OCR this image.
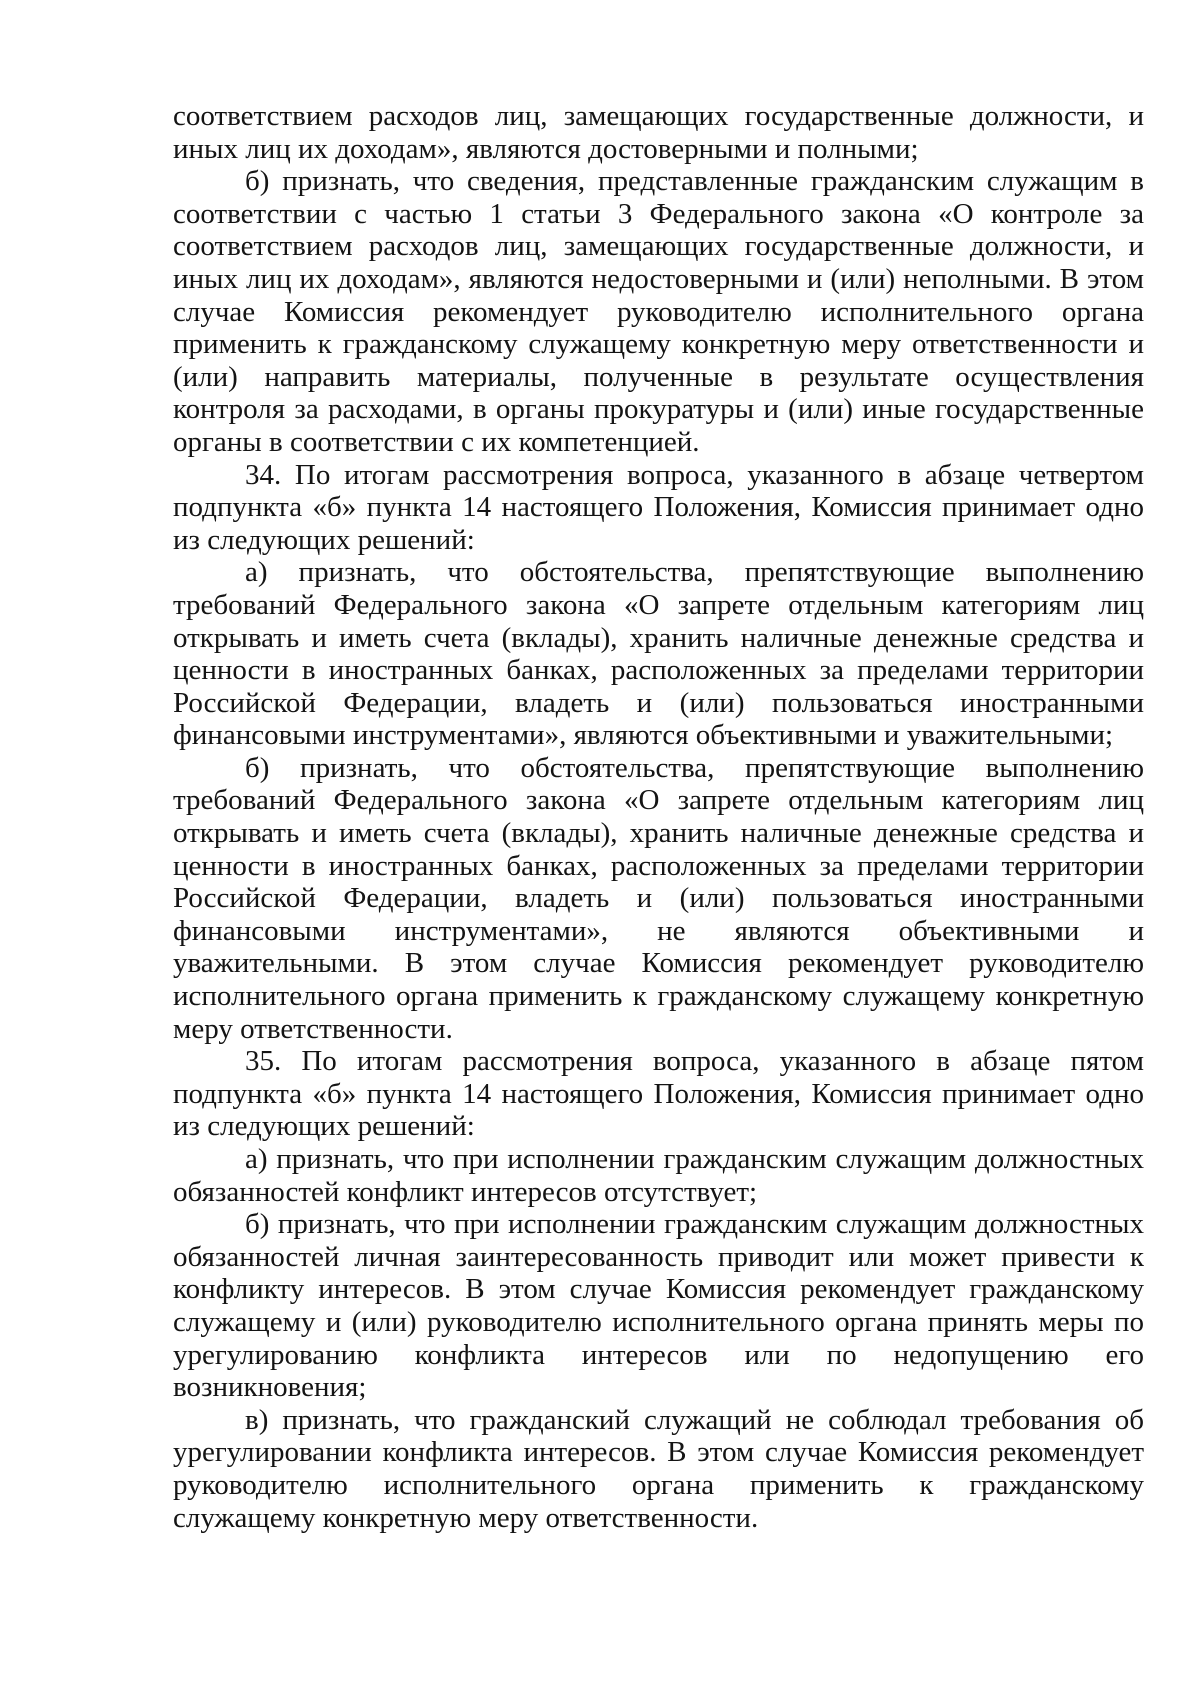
соответствием расходов лиц, замещающих государственные должности, и иных лиц их доходам», являются достоверными и полными;

б) признать, что сведения, представленные гражданским служащим в соответствии с частью 1 статьи 3 Федерального закона «О контроле за соответствием расходов лиц, замещающих государственные должности, и иных лиц их доходам», являются недостоверными и (или) неполными. В этом случае Комиссия рекомендует руководителю исполнительного органа применить к гражданскому служащему конкретную меру ответственности и (или) направить материалы, полученные в результате осуществления контроля за расходами, в органы прокуратуры и (или) иные государственные органы в соответствии с их компетенцией.

34. По итогам рассмотрения вопроса, указанного в абзаце четвертом подпункта «б» пункта 14 настоящего Положения, Комиссия принимает одно из следующих решений:

а) признать, что обстоятельства, препятствующие выполнению требований Федерального закона «О запрете отдельным категориям лиц открывать и иметь счета (вклады), хранить наличные денежные средства и ценности в иностранных банках, расположенных за пределами территории Российской Федерации, владеть и (или) пользоваться иностранными финансовыми инструментами», являются объективными и уважительными;

б) признать, что обстоятельства, препятствующие выполнению требований Федерального закона «О запрете отдельным категориям лиц открывать и иметь счета (вклады), хранить наличные денежные средства и ценности в иностранных банках, расположенных за пределами территории Российской Федерации, владеть и (или) пользоваться иностранными финансовыми инструментами», не являются объективными и уважительными. В этом случае Комиссия рекомендует руководителю исполнительного органа применить к гражданскому служащему конкретную меру ответственности.

35. По итогам рассмотрения вопроса, указанного в абзаце пятом подпункта «б» пункта 14 настоящего Положения, Комиссия принимает одно из следующих решений:

а) признать, что при исполнении гражданским служащим должностных обязанностей конфликт интересов отсутствует;

б) признать, что при исполнении гражданским служащим должностных обязанностей личная заинтересованность приводит или может привести к конфликту интересов. В этом случае Комиссия рекомендует гражданскому служащему и (или) руководителю исполнительного органа принять меры по урегулированию конфликта интересов или по недопущению его возникновения;

в) признать, что гражданский служащий не соблюдал требования об урегулировании конфликта интересов. В этом случае Комиссия рекомендует руководителю исполнительного органа применить к гражданскому служащему конкретную меру ответственности.
